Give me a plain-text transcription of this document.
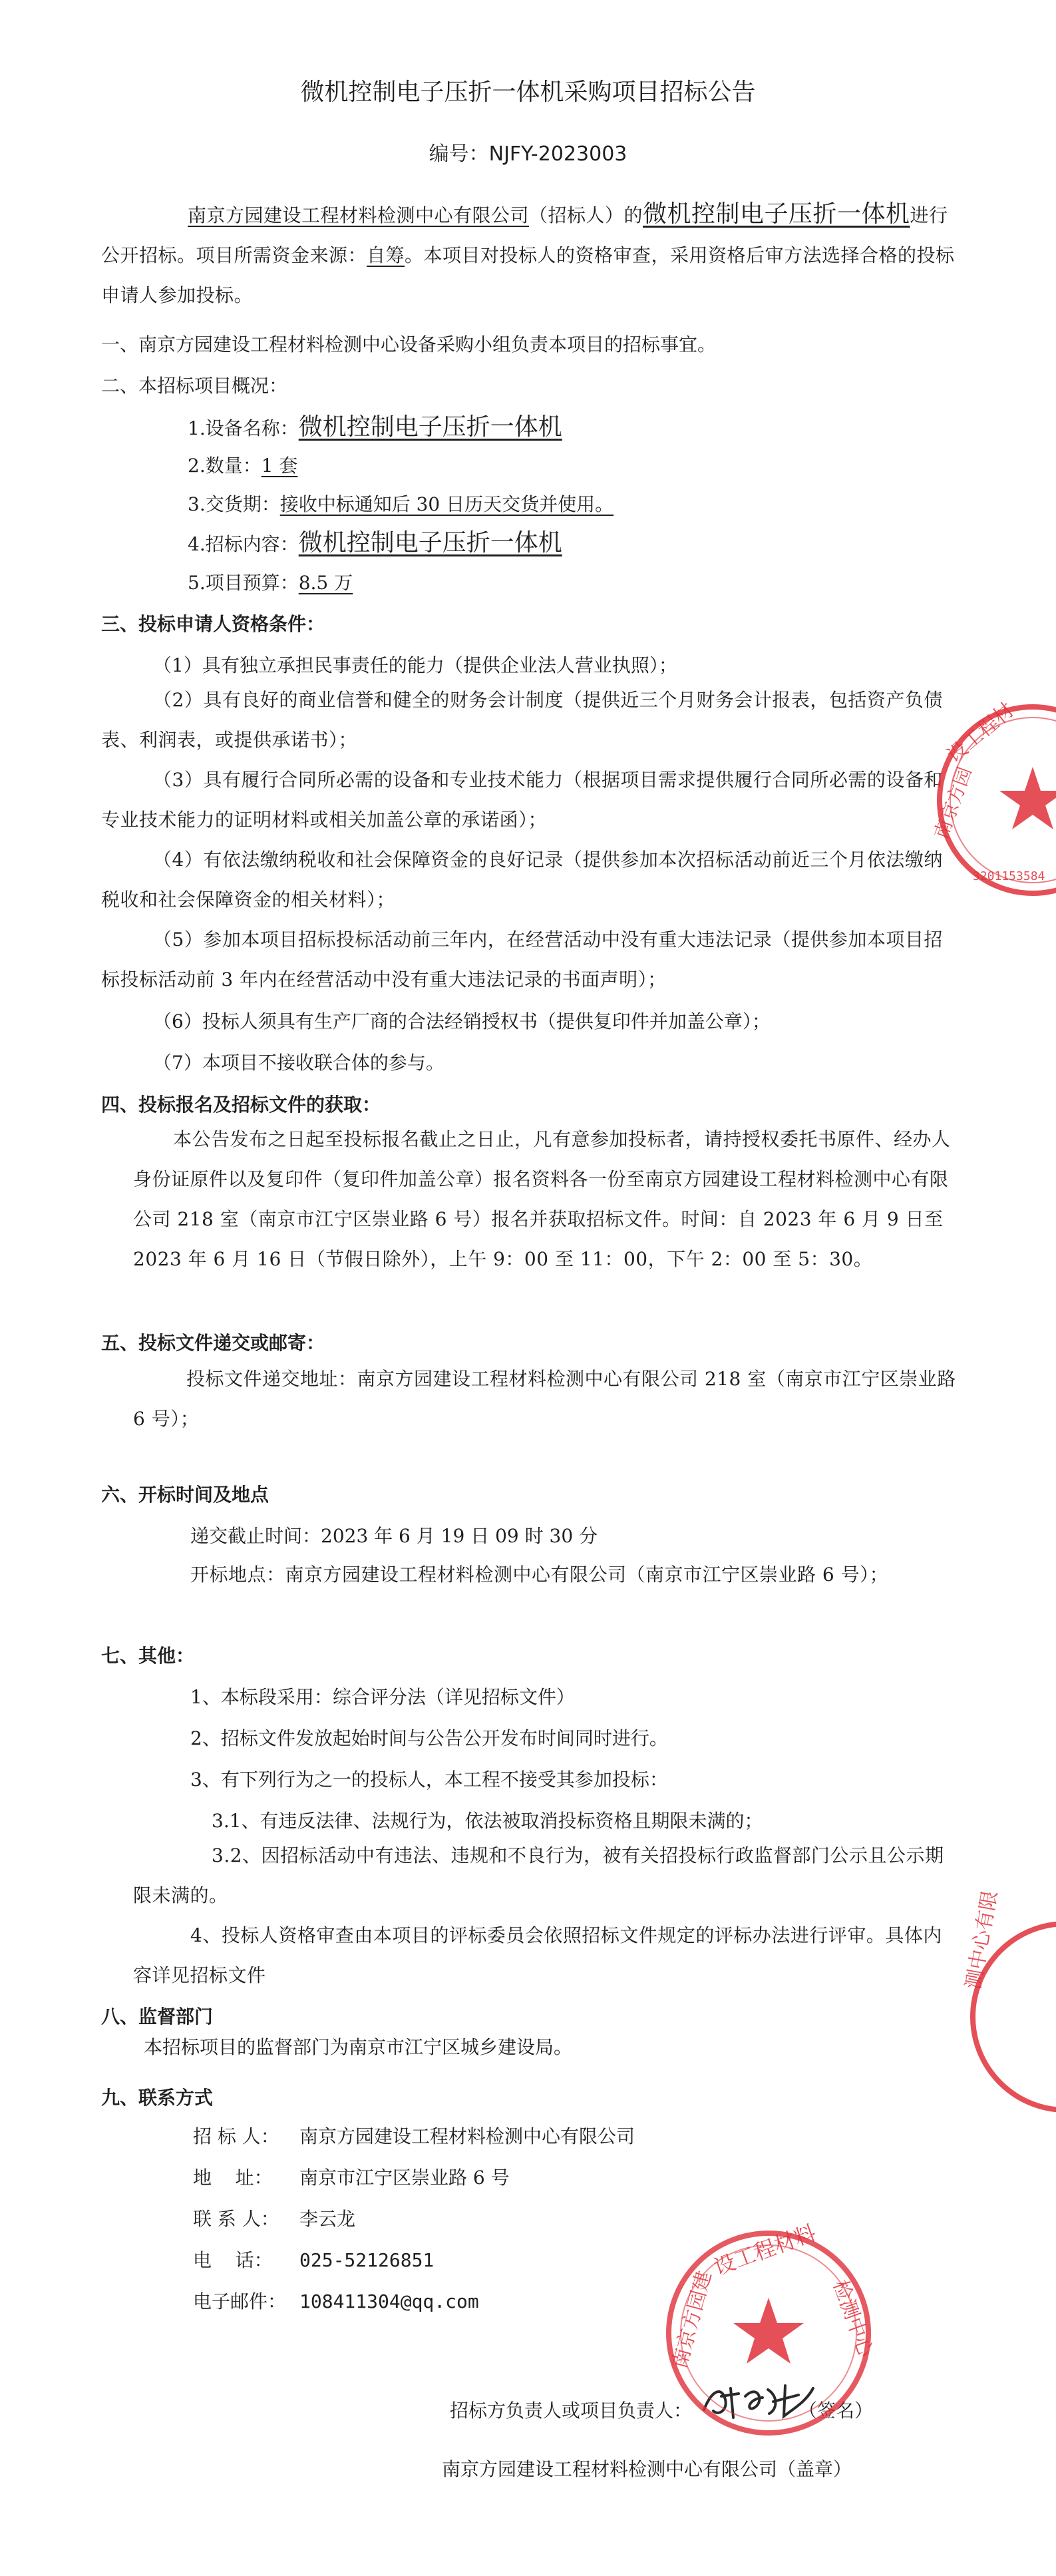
微机控制电子压折一体机采购项目招标公告
编号：NJFY-2023003
南京方园建设工程材料检测中心有限公司（招标人）的微机控制电子压折一体机进行公开招标。项目所需资金来源：自筹。本项目对投标人的资格审查，采用资格后审方法选择合格的投标申请人参加投标。
一、南京方园建设工程材料检测中心设备采购小组负责本项目的招标事宜。
二、本招标项目概况：
1.设备名称：微机控制电子压折一体机
2.数量：1 套
3.交货期：接收中标通知后 30 日历天交货并使用。
4.招标内容：微机控制电子压折一体机
5.项目预算：8.5 万
三、投标申请人资格条件：
（1）具有独立承担民事责任的能力（提供企业法人营业执照）；
（2）具有良好的商业信誉和健全的财务会计制度（提供近三个月财务会计报表，包括资产负债表、利润表，或提供承诺书）；
（3）具有履行合同所必需的设备和专业技术能力（根据项目需求提供履行合同所必需的设备和专业技术能力的证明材料或相关加盖公章的承诺函）；
（4）有依法缴纳税收和社会保障资金的良好记录（提供参加本次招标活动前近三个月依法缴纳税收和社会保障资金的相关材料）；
（5）参加本项目招标投标活动前三年内，在经营活动中没有重大违法记录（提供参加本项目招标投标活动前 3 年内在经营活动中没有重大违法记录的书面声明）；
（6）投标人须具有生产厂商的合法经销授权书（提供复印件并加盖公章）；
（7）本项目不接收联合体的参与。
四、投标报名及招标文件的获取：
本公告发布之日起至投标报名截止之日止，凡有意参加投标者，请持授权委托书原件、经办人身份证原件以及复印件（复印件加盖公章）报名资料各一份至南京方园建设工程材料检测中心有限公司 218 室（南京市江宁区崇业路 6 号）报名并获取招标文件。时间：自 2023 年 6 月 9 日至 2023 年 6 月 16 日（节假日除外），上午 9：00 至 11：00，下午 2：00 至 5：30。
五、投标文件递交或邮寄：
投标文件递交地址：南京方园建设工程材料检测中心有限公司 218 室（南京市江宁区崇业路 6 号）；
六、开标时间及地点
递交截止时间：2023 年 6 月 19 日 09 时 30 分
开标地点：南京方园建设工程材料检测中心有限公司（南京市江宁区崇业路 6 号）；
七、其他：
1、本标段采用：综合评分法（详见招标文件）
2、招标文件发放起始时间与公告公开发布时间同时进行。
3、有下列行为之一的投标人，本工程不接受其参加投标：
3.1、有违反法律、法规行为，依法被取消投标资格且期限未满的；
3.2、因招标活动中有违法、违规和不良行为，被有关招投标行政监督部门公示且公示期限未满的。
4、投标人资格审查由本项目的评标委员会依照招标文件规定的评标办法进行评审。具体内容详见招标文件
八、监督部门
本招标项目的监督部门为南京市江宁区城乡建设局。
九、联系方式
招 标 人： 南京方园建设工程材料检测中心有限公司
地    址： 南京市江宁区崇业路 6 号
联 系 人： 李云龙
电    话： 025-52126851
电子邮件： 108411304@qq.com
招标方负责人或项目负责人：	（签名）
南京方园建设工程材料检测中心有限公司（盖章）
设工程材
南京方园
3201153584
测中心有限
设工程材料
南京方园建	检测中心
